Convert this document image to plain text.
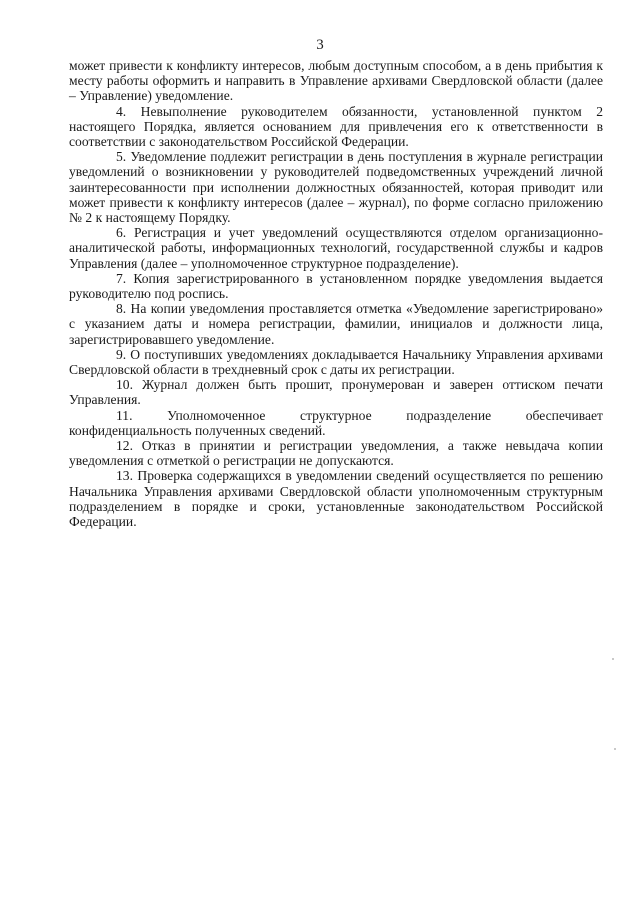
3

может привести к конфликту интересов, любым доступным способом, а в день прибытия к месту работы оформить и направить в Управление архивами Свердловской области (далее – Управление) уведомление.

4. Невыполнение руководителем обязанности, установленной пунктом 2 настоящего Порядка, является основанием для привлечения его к ответственности в соответствии с законодательством Российской Федерации.

5. Уведомление подлежит регистрации в день поступления в журнале регистрации уведомлений о возникновении у руководителей подведомственных учреждений личной заинтересованности при исполнении должностных обязанностей, которая приводит или может привести к конфликту интересов (далее – журнал), по форме согласно приложению № 2 к настоящему Порядку.

6. Регистрация и учет уведомлений осуществляются отделом организационно-аналитической работы, информационных технологий, государственной службы и кадров Управления (далее – уполномоченное структурное подразделение).

7. Копия зарегистрированного в установленном порядке уведомления выдается руководителю под роспись.

8. На копии уведомления проставляется отметка «Уведомление зарегистрировано» с указанием даты и номера регистрации, фамилии, инициалов и должности лица, зарегистрировавшего уведомление.

9. О поступивших уведомлениях докладывается Начальнику Управления архивами Свердловской области в трехдневный срок с даты их регистрации.

10. Журнал должен быть прошит, пронумерован и заверен оттиском печати Управления.

11. Уполномоченное структурное подразделение обеспечивает конфиденциальность полученных сведений.

12. Отказ в принятии и регистрации уведомления, а также невыдача копии уведомления с отметкой о регистрации не допускаются.

13. Проверка содержащихся в уведомлении сведений осуществляется по решению Начальника Управления архивами Свердловской области уполномоченным структурным подразделением в порядке и сроки, установленные законодательством Российской Федерации.
